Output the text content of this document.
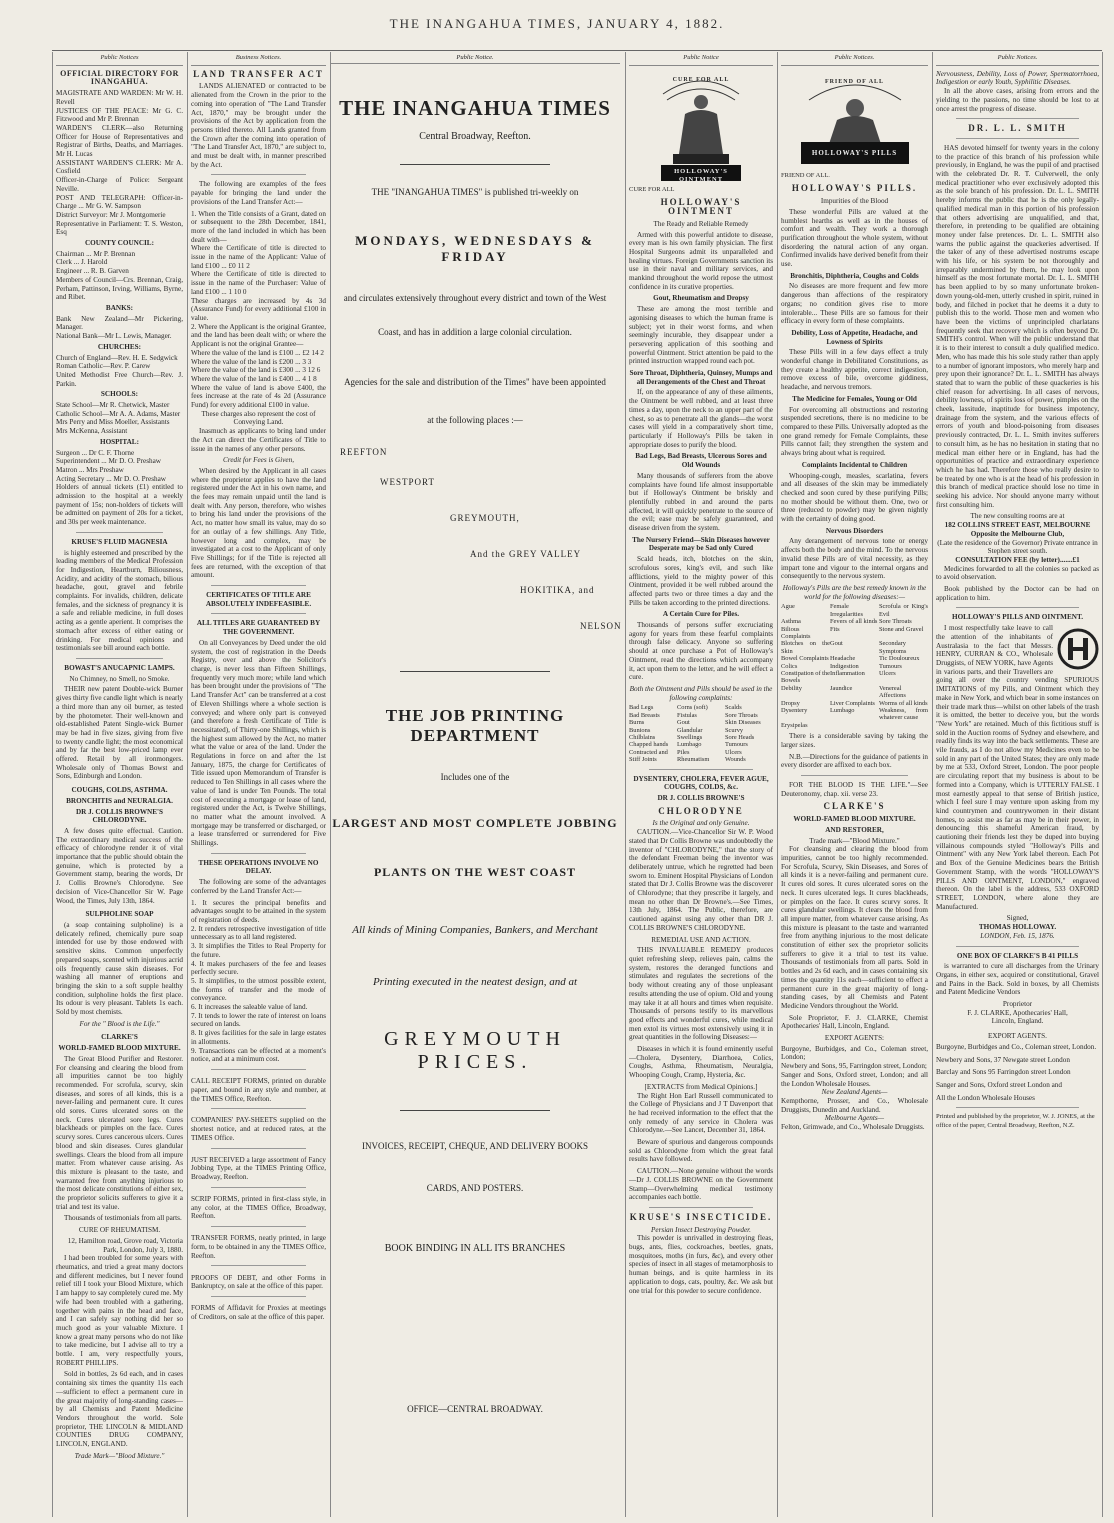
THE INANGAHUA TIMES, JANUARY 4, 1882.
Public Notices
OFFICIAL DIRECTORY FOR INANGAHUA.
MAGISTRATE AND WARDEN: Mr W. H. Revell
JUSTICES OF THE PEACE: Mr G. C. Fitzwood and Mr P. Brennan
WARDEN'S CLERK—also Returning Officer for House of Representatives and Registrar of Births, Deaths, and Marriages. Mr H. Lucas
ASSISTANT WARDEN'S CLERK: Mr A. Cosfield
Officer-in-Charge of Police: Sergeant Neville.
POST AND TELEGRAPH: Officer-in-Charge ... Mr G. W. Sampson
District Surveyor: Mr J. Montgomerie
Representative in Parliament: T. S. Weston, Esq
COUNTY COUNCIL:
Chairman ... Mr P. Brennan
Clerk ... J. Harold
Engineer ... R. B. Garven
Members of Council—Crs. Brennan, Craig, Perham, Pattinson, Irving, Williams, Byrne, and Ribet.
BANKS:
Bank New Zealand—Mr Pickering, Manager.
National Bank—Mr L. Lewis, Manager.
CHURCHES:
Church of England—Rev. H. E. Sedgwick
Roman Catholic—Rev. P. Carew
United Methodist Free Church—Rev. J. Parkin.
SCHOOLS:
State School—Mr R. Chetwick, Master
Catholic School—Mr A. A. Adams, Master
Mrs Perry and Miss Moeller, Assistants
Mrs McKenna, Assistant
HOSPITAL:
Surgeon ... Dr C. F. Thorne
Superintendent ... Mr D. O. Preshaw
Matron ... Mrs Preshaw
Acting Secretary ... Mr D. O. Preshaw
Holders of annual tickets (£1) entitled to admission to the hospital at a weekly payment of 15s; non-holders of tickets will be admitted on payment of 20s for a ticket, and 30s per week maintenance.
KRUSE'S FLUID MAGNESIA

is highly esteemed and prescribed by the leading members of the Medical Profession for Indigestion, Heartburn, Biliousness, Acidity, and acidity of the stomach, bilious headache, gout, gravel and febrile complaints. For invalids, children, delicate females, and the sickness of pregnancy it is a safe and reliable medicine, in full doses acting as a gentle aperient. It comprises the stomach after excess of either eating or drinking. For medical opinions and testimonials see bill around each bottle.

BOWAST'S ANUCAPNIC LAMPS.
No Chimney, no Smell, no Smoke.

THEIR new patent Double-wick Burner gives thirty five candle light which is nearly a third more than any oil burner, as tested by the photometer. Their well-known and old-established Patent Single-wick Burner may be had in five sizes, giving from five to twenty candle light; the most economical and by far the best low-priced lamp ever offered. Retail by all ironmongers. Wholesale only of Thomas Bowst and Sons, Edinburgh and London.

COUGHS, COLDS, ASTHMA.
BRONCHITIS and NEURALGIA.
DR J. COLLIS BROWNE'S CHLORODYNE.

A few doses quite effectual. Caution. The extraordinary medical success of the efficacy of chlorodyne render it of vital importance that the public should obtain the genuine, which is protected by a Government stamp, bearing the words, Dr J. Collis Browne's Chlorodyne. See decision of Vice-Chancellor Sir W. Page Wood, the Times, July 13th, 1864.

SULPHOLINE SOAP

(a soap containing sulpholine) is a delicately refined, chemically pure soap intended for use by those endowed with sensitive skins. Common unperfectly prepared soaps, scented with injurious acrid oils frequently cause skin diseases. For washing all manner of eruptions and bringing the skin to a soft supple healthy condition, sulpholine holds the first place. Its odour is very pleasant. Tablets 1s each. Sold by most chemists.

For the " Blood is the Life."
CLARKE'S
WORLD-FAMED BLOOD MIXTURE.

The Great Blood Purifier and Restorer. For cleansing and clearing the blood from all impurities cannot be too highly recommended. For scrofula, scurvy, skin diseases, and sores of all kinds, this is a never-failing and permanent cure. It cures old sores. Cures ulcerated sores on the neck. Cures ulcerated sore legs. Cures blackheads or pimples on the face. Cures scurvy sores. Cures cancerous ulcers. Cures blood and skin diseases. Cures glandular swellings. Clears the blood from all impure matter. From whatever cause arising. As this mixture is pleasant to the taste, and warranted free from anything injurious to the most delicate constitutions of either sex, the proprietor solicits sufferers to give it a trial and test its value.

Thousands of testimonials from all parts.

CURE OF RHEUMATISM.
12, Hamilton road, Grove road, Victoria Park, London, July 3, 1880.

I had been troubled for some years with rheumatics, and tried a great many doctors and different medicines, but I never found relief till I took your Blood Mixture, which I am happy to say completely cured me. My wife had been troubled with a gathering, together with pains in the head and face, and I can safely say nothing did her so much good as your valuable Mixture. I know a great many persons who do not like to take medicine, but I advise all to try a bottle. I am, very respectfully yours, ROBERT PHILLIPS.

Sold in bottles, 2s 6d each, and in cases containing six times the quantity 11s each—sufficient to effect a permanent cure in the great majority of long-standing cases—by all Chemists and Patent Medicine Vendors throughout the world. Sole proprietor, THE LINCOLN & MIDLAND COUNTIES DRUG COMPANY, LINCOLN, ENGLAND.

Trade Mark—"Blood Mixture."
Business Notices.
LAND TRANSFER ACT

LANDS ALIENATED or contracted to be alienated from the Crown in the prior to the coming into operation of "The Land Transfer Act, 1870," may be brought under the provisions of the Act by application from the persons titled thereto. All Lands granted from the Crown after the coming into operation of "The Land Transfer Act, 1870," are subject to, and must be dealt with, in manner prescribed by the Act.

The following are examples of the fees payable for bringing the land under the provisions of the Land Transfer Act:—

1. When the Title consists of a Grant, dated on or subsequent to the 28th December, 1841, more of the land included in which has been dealt with—
Where the Certificate of title is directed to issue in the name of the Applicant: Value of land £100 ... £0 11 2
Where the Certificate of title is directed to issue in the name of the Purchaser: Value of land £100 ... 1 10 0
These charges are increased by 4s 3d (Assurance Fund) for every additional £100 in value.
2. Where the Applicant is the original Grantee, and the land has been dealt with; or where the Applicant is not the original Grantee—
Where the value of the land is £100 ... £2 14 2
Where the value of the land is £200 ... 3 3
Where the value of the land is £300 ... 3 12 6
Where the value of the land is £400 ... 4 1 8
Where the value of land is above £400, the fees increase at the rate of 4s 2d (Assurance Fund) for every additional £100 in value.
These charges also represent the cost of Conveying Land.

Inasmuch as applicants to bring land under the Act can direct the Certificates of Title to issue in the names of any other persons.

Credit for Fees is Given,

When desired by the Applicant in all cases where the proprietor applies to have the land registered under the Act in his own name, and the fees may remain unpaid until the land is dealt with. Any person, therefore, who wishes to bring his land under the provisions of the Act, no matter how small its value, may do so for an outlay of a few shillings. Any Title, however long and complex, may be investigated at a cost to the Applicant of only Five Shillings; for if the Title is rejected all fees are returned, with the exception of that amount.

CERTIFICATES OF TITLE ARE ABSOLUTELY INDEFEASIBLE.
ALL TITLES ARE GUARANTEED BY THE GOVERNMENT.

On all Conveyances by Deed under the old system, the cost of registration in the Deeds Registry, over and above the Solicitor's charge, is never less than Fifteen Shillings, frequently very much more; while land which has been brought under the provisions of "The Land Transfer Act" can be transferred at a cost of Eleven Shillings where a whole section is conveyed; and where only part is conveyed (and therefore a fresh Certificate of Title is necessitated), of Thirty-one Shillings, which is the highest sum allowed by the Act, no matter what the value or area of the land. Under the Regulations in force on and after the 1st January, 1875, the charge for Certificates of Title issued upon Memorandum of Transfer is reduced to Ten Shillings in all cases where the value of land is under Ten Pounds. The total cost of executing a mortgage or lease of land, registered under the Act, is Twelve Shillings, no matter what the amount involved. A mortgage may be transferred or discharged, or a lease transferred or surrendered for Five Shillings.

THESE OPERATIONS INVOLVE NO DELAY.

The following are some of the advantages conferred by the Land Transfer Act:—

1. It secures the principal benefits and advantages sought to be attained in the system of registration of deeds.
2. It renders retrospective investigation of title unnecessary as to all land registered.
3. It simplifies the Titles to Real Property for the future.
4. It makes purchasers of the fee and leases perfectly secure.
5. It simplifies, to the utmost possible extent, the forms of transfer and the mode of conveyance.
6. It increases the saleable value of land.
7. It tends to lower the rate of interest on loans secured on lands.
8. It gives facilities for the sale in large estates in allotments.
9. Transactions can be effected at a moment's notice, and at a minimum cost.

CALL RECEIPT FORMS, printed on durable paper, and bound in any style and number, at the TIMES Office, Reefton.

COMPANIES' PAY-SHEETS supplied on the shortest notice, and at reduced rates, at the TIMES Office.

JUST RECEIVED a large assortment of Fancy Jobbing Type, at the TIMES Printing Office, Broadway, Reefton.

SCRIP FORMS, printed in first-class style, in any color, at the TIMES Office, Broadway, Reefton.

TRANSFER FORMS, neatly printed, in large form, to be obtained in any the TIMES Office, Reefton.

PROOFS OF DEBT, and other Forms in Bankruptcy, on sale at the office of this paper.

FORMS of Affidavit for Proxies at meetings of Creditors, on sale at the office of this paper.

Public Notice.
THE INANGAHUA TIMES
Central Broadway, Reefton.
THE "INANGAHUA TIMES" is published tri-weekly on
MONDAYS, WEDNESDAYS & FRIDAY
and circulates extensively throughout every district and town of the West
Coast, and has in addition a large colonial circulation.
Agencies for the sale and distribution of the Times" have been appointed
at the following places :—
REEFTON
WESTPORT
GREYMOUTH,
And the GREY VALLEY
HOKITIKA, and
NELSON
THE JOB PRINTING DEPARTMENT
Includes one of the
LARGEST AND MOST COMPLETE JOBBING
PLANTS ON THE WEST COAST
All kinds of Mining Companies, Bankers, and Merchant
Printing executed in the neatest design, and at
GREYMOUTH PRICES.
INVOICES, RECEIPT, CHEQUE, AND DELIVERY BOOKS
CARDS, AND POSTERS.
BOOK BINDING IN ALL ITS BRANCHES
OFFICE—CENTRAL BROADWAY.
Public Notice
CURE FOR ALL
HOLLOWAY'S OINTMENT
CURE FOR ALL
HOLLOWAY'S OINTMENT
The Ready and Reliable Remedy

Armed with this powerful antidote to disease, every man is his own family physician. The first Hospital Surgeons admit its unparalleled and healing virtues. Foreign Governments sanction its use in their naval and military services, and mankind throughout the world repose the utmost confidence in its curative properties.

Gout, Rheumatism and Dropsy

These are among the most terrible and agonising diseases to which the human frame is subject; yet in their worst forms, and when seemingly incurable, they disappear under a persevering application of this soothing and powerful Ointment. Strict attention be paid to the printed instruction wrapped round each pot.

Sore Throat, Diphtheria, Quinsey, Mumps and all Derangements of the Chest and Throat

If, on the appearance of any of these ailments, the Ointment be well rubbed, and at least three times a day, upon the neck to an upper part of the chest, so as to penetrate all the glands—the worst cases will yield in a comparatively short time, particularly if Holloway's Pills be taken in appropriate doses to purify the blood.

Bad Legs, Bad Breasts, Ulcerous Sores and Old Wounds

Many thousands of sufferers from the above complaints have found life almost insupportable but if Holloway's Ointment be briskly and plentifully rubbed in and around the parts affected, it will quickly penetrate to the source of the evil; ease may be safely guaranteed, and disease driven from the system.

The Nursery Friend—Skin Diseases however Desperate may be Sad only Cured

Scald heads, itch, blotches on the skin, scrofulous sores, king's evil, and such like afflictions, yield to the mighty power of this Ointment, provided it be well rubbed around the affected parts two or three times a day and the Pills be taken according to the printed directions.

A Certain Cure for Piles.

Thousands of persons suffer excruciating agony for years from these fearful complaints through false delicacy. Anyone so suffering should at once purchase a Pot of Holloway's Ointment, read the directions which accompany it, act upon them to the letter, and he will effect a cure.

Both the Ointment and Pills should be used in the following complaints:
Bad Legs	Corns (soft)	Scalds
Bad Breasts	Fistulas	Sore Throats
Burns	Gout	Skin Diseases
Bunions	Glandular	Scurvy
Chilblains	Swellings	Sore Heads
Chapped hands	Lumbago	Tumours
Contracted and	Piles	Ulcers
Stiff Joints	Rheumatism	Wounds
DYSENTERY, CHOLERA, FEVER AGUE, COUGHS, COLDS, &c.
DR J. COLLIS BROWNE'S
CHLORODYNE
Is the Original and only Genuine.

CAUTION.—Vice-Chancellor Sir W. P. Wood stated that Dr Collis Browne was undoubtedly the inventor of "CHLORODYNE," that the story of the defendant Freeman being the inventor was deliberately untrue, which he regretted had been sworn to. Eminent Hospital Physicians of London stated that Dr J. Collis Browne was the discoverer of Chlorodyne; that they prescribe it largely, and mean no other than Dr Browne's.—See Times, 13th July, 1864. The Public, therefore, are cautioned against using any other than DR J. COLLIS BROWNE'S CHLORODYNE.

REMEDIAL USE AND ACTION.

THIS INVALUABLE REMEDY produces quiet refreshing sleep, relieves pain, calms the system, restores the deranged functions and stimulates and regulates the secretions of the body without creating any of those unpleasant results attending the use of opium. Old and young may take it at all hours and times when requisite. Thousands of persons testify to its marvellous good effects and wonderful cures, while medical men extol its virtues most extensively using it in great quantities in the following Diseases:—

Diseases in which it is found eminently useful—Cholera, Dysentery, Diarrhoea, Colics, Coughs, Asthma, Rheumatism, Neuralgia, Whooping Cough, Cramp, Hysteria, &c.

[EXTRACTS from Medical Opinions.]

The Right Hon Earl Russell communicated to the College of Physicians and J T Davenport that he had received information to the effect that the only remedy of any service in Cholera was Chlorodyne.—See Lancet, December 31, 1864.

Beware of spurious and dangerous compounds sold as Chlorodyne from which the great fatal results have followed.

CAUTION.—None genuine without the words—Dr J. COLLIS BROWNE on the Government Stamp—Overwhelming medical testimony accompanies each bottle.

KRUSE'S INSECTICIDE.
Persian Insect Destroying Powder.

This powder is unrivalled in destroying fleas, bugs, ants, flies, cockroaches, beetles, gnats, mosquitoes, moths (in furs, &c), and every other species of insect in all stages of metamorphosis to human beings, and is quite harmless in its application to dogs, cats, poultry, &c. We ask but one trial for this powder to secure confidence.

Public Notices.
FRIEND OF ALL
HOLLOWAY'S PILLS
FRIEND OF ALL.
HOLLOWAY'S PILLS.
Impurities of the Blood

These wonderful Pills are valued at the humblest hearths as well as in the houses of comfort and wealth. They work a thorough purification throughout the whole system, without disordering the natural action of any organ. Confirmed invalids have derived benefit from their use.

Bronchitis, Diphtheria, Coughs and Colds

No diseases are more frequent and few more dangerous than affections of the respiratory organs; no condition gives rise to more intolerable... These Pills are so famous for their efficacy in every form of these complaints.

Debility, Loss of Appetite, Headache, and Lowness of Spirits

These Pills will in a few days effect a truly wonderful change in Debilitated Constitutions, as they create a healthy appetite, correct indigestion, remove excess of bile, overcome giddiness, headache, and nervous tremors.

The Medicine for Females, Young or Old

For overcoming all obstructions and restoring suspended secretions, there is no medicine to be compared to these Pills. Universally adopted as the one grand remedy for Female Complaints, these Pills cannot fail; they strengthen the system and always bring about what is required.

Complaints Incidental to Children

Whooping-cough, measles, scarlatina, fevers and all diseases of the skin may be immediately checked and soon cured by these purifying Pills; no mother should be without them. One, two or three (reduced to powder) may be given nightly with the certainty of doing good.

Nervous Disorders

Any derangement of nervous tone or energy affects both the body and the mind. To the nervous invalid these Pills are of vital necessity, as they impart tone and vigour to the internal organs and consequently to the nervous system.

Holloway's Pills are the best remedy known in the world for the following diseases:—
Ague	Female Irregularities
Scrofula or King's Evil
Asthma	Fevers of all kinds Sore Throats
Bilious Complaints
Fits	Stone and Gravel
Blotches on the Skin
Gout	Secondary Symptoms
Bowel Complaints Headache	Tic Douloureux
Colics	Indigestion	Tumours
Constipation of the Bowels
Inflammation	Ulcers
Debility	Jaundice	Venereal Affections
Dropsy	Liver Complaints Worms of all kinds
Dysentery	Lumbago	Weakness, from whatever cause
Erysipelas

There is a considerable saving by taking the larger sizes.

N.B.—Directions for the guidance of patients in every disorder are affixed to each box.

FOR THE BLOOD IS THE LIFE."—See Deuteronomy, chap. xii. verse 23.

CLARKE'S
WORLD-FAMED BLOOD MIXTURE.
AND RESTORER,
Trade mark—"Blood Mixture."

For cleansing and clearing the blood from impurities, cannot be too highly recommended. For Scrofula, Scurvy, Skin Diseases, and Sores of all kinds it is a never-failing and permanent cure. It cures old sores. It cures ulcerated sores on the neck. It cures ulcerated legs. It cures blackheads, or pimples on the face. It cures scurvy sores. It cures glandular swellings. It clears the blood from all impure matter, from whatever cause arising. As this mixture is pleasant to the taste and warranted free from anything injurious to the most delicate constitution of either sex the proprietor solicits sufferers to give it a trial to test its value. Thousands of testimonials from all parts. Sold in bottles and 2s 6d each, and in cases containing six times the quantity 11s each—sufficient to effect a permanent cure in the great majority of long-standing cases, by all Chemists and Patent Medicine Vendors throughout the World.

Sole Proprietor, F. J. CLARKE, Chemist Apothecaries' Hall, Lincoln, England.

EXPORT AGENTS:
Burgoyne, Burbidges, and Co., Coleman street, London;
Newbery and Sons, 95, Farringdon street, London;
Sanger and Sons, Oxford street, London; and all the London Wholesale Houses.
New Zealand Agents—
Kempthorne, Prosser, and Co., Wholesale Druggists, Dunedin and Auckland.
Melbourne Agents—
Felton, Grimwade, and Co., Wholesale Druggists.
Public Notices.
Nervousness, Debility, Loss of Power, Spermatorrhoea, Indigestion or early Youth, Syphilitic Diseases.

In all the above cases, arising from errors and the yielding to the passions, no time should be lost to at once arrest the progress of disease.

DR. L. L. SMITH

HAS devoted himself for twenty years in the colony to the practice of this branch of his profession while previously, in England, he was the pupil of and practised with the celebrated Dr. R. T. Culverwell, the only medical practitioner who ever exclusively adopted this as the sole branch of his profession. Dr. L. L. SMITH hereby informs the public that he is the only legally-qualified medical man in this portion of his profession that others advertising are unqualified, and that, therefore, in pretending to be qualified are obtaining money under false pretences. Dr. L. L. SMITH also warns the public against the quackeries advertised. If the taker of any of these advertised nostrums escape with his life, or his system be not thoroughly and irreparably undermined by them, he may look upon himself as the most fortunate mortal. Dr. L. L. SMITH has been applied to by so many unfortunate broken-down young-old-men, utterly crushed in spirit, ruined in body, and filched in pocket that he deems it a duty to publish this to the world. Those men and women who have been the victims of unprincipled charlatans frequently seek that recovery which is often beyond Dr. SMITH's control. When will the public understand that it is to their interest to consult a duly qualified medico. Men, who has made this his sole study rather than apply to a number of ignorant impostors, who merely harp and prey upon their ignorance? Dr. L. L. SMITH has always stated that to warn the public of these quackeries is his chief reason for advertising. In all cases of nervous, debility lowness, of spirits loss of power, pimples on the cheek, lassitude, inaptitude for business impotency, drainage from the system, and the various effects of errors of youth and blood-poisoning from diseases previously contracted, Dr. L. L. Smith invites sufferers to consult him, as he has no hesitation in stating that no medical man either here or in England, has had the opportunities of practice and extraordinary experience which he has had. Therefore those who really desire to be treated by one who is at the head of his profession in this branch of medical practice should lose no time in seeking his advice. Nor should anyone marry without first consulting him.

The new consulting rooms are at
182 COLLINS STREET EAST, MELBOURNE Opposite the Melbourne Club,
(Late the residence of the Governor) Private entrance in Stephen street south.
CONSULTATION FEE (by letter).......£1

Medicines forwarded to all the colonies so packed as to avoid observation.

Book published by the Doctor can be had on application to him.

HOLLOWAY'S PILLS AND OINTMENT.

I most respectfully take leave to call the attention of the inhabitants of Australasia to the fact that Messrs. HENRY, CURRAN & CO., Wholesale Druggists, of NEW YORK, have Agents in various parts, and their Travellers are going all over the country vending SPURIOUS IMITATIONS of my Pills, and Ointment which they make in New York, and which bear in some instances on their trade mark thus—whilst on other labels of the trash it is omitted, the better to deceive you, but the words "New York" are retained. Much of this fictitious stuff is sold in the Auction rooms of Sydney and elsewhere, and readily finds its way into the back settlements. These are vile frauds, as I do not allow my Medicines even to be sold in any part of the United States; they are only made by me at 533, Oxford Street, London. The poor people are circulating report that my business is about to be formed into a Company, which is UTTERLY FALSE. I most earnestly appeal to that sense of British justice, which I feel sure I may venture upon asking from my kind countrymen and countrywomen in their distant homes, to assist me as far as may be in their power, in denouncing this shameful American fraud, by cautioning their friends lest they be duped into buying villainous compounds styled "Holloway's Pills and Ointment" with any New York label thereon. Each Pot and Box of the Genuine Medicines bears the British Government Stamp, with the words "HOLLOWAY'S PILLS AND OINTMENT, LONDON," engraved thereon. On the label is the address, 533 OXFORD STREET, LONDON, where alone they are Manufactured.

Signed,
THOMAS HOLLOWAY.
LONDON, Feb. 15, 1876.
ONE BOX OF CLARKE'S B 41 PILLS

is warranted to cure all discharges from the Urinary Organs, in either sex, acquired or constitutional, Gravel and Pains in the Back. Sold in boxes, by all Chemists and Patent Medicine Vendors

Proprietor
F. J. CLARKE, Apothecaries' Hall,
Lincoln, England.
EXPORT AGENTS.
Burgoyne, Burbidges and Co., Coleman street, London.
Newbery and Sons, 37 Newgate street London
Barclay and Sons 95 Farringdon street London
Sanger and Sons, Oxford street London and
All the London Wholesale Houses
Printed and published by the proprietor, W. J. JONES, at the office of the paper, Central Broadway, Reefton, N.Z.
